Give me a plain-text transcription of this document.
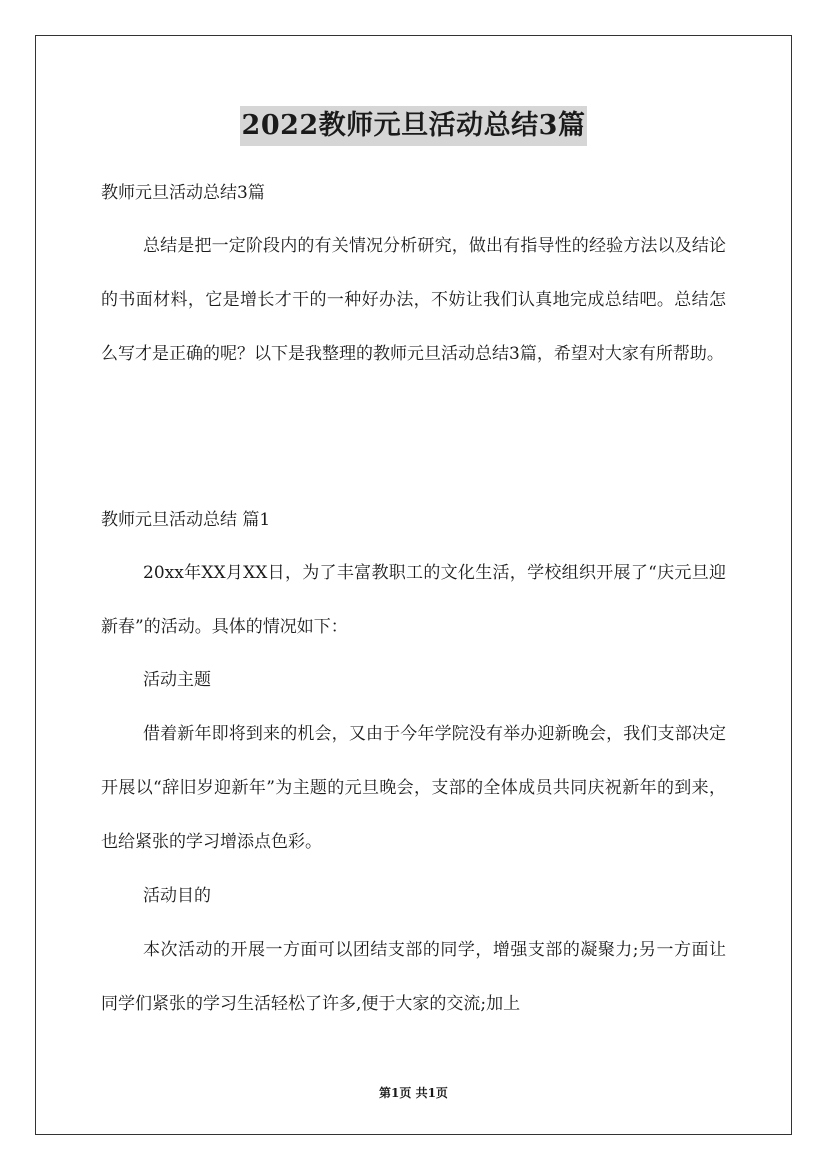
2022教师元旦活动总结3篇

教师元旦活动总结3篇

总结是把一定阶段内的有关情况分析研究，做出有指导性的经验方法以及结论的书面材料，它是增长才干的一种好办法，不妨让我们认真地完成总结吧。总结怎么写才是正确的呢？以下是我整理的教师元旦活动总结3篇，希望对大家有所帮助。

教师元旦活动总结 篇1

20xx年XX月XX日，为了丰富教职工的文化生活，学校组织开展了“庆元旦迎新春”的活动。具体的情况如下：

活动主题

借着新年即将到来的机会，又由于今年学院没有举办迎新晚会，我们支部决定开展以“辞旧岁迎新年”为主题的元旦晚会，支部的全体成员共同庆祝新年的到来，也给紧张的学习增添点色彩。

活动目的

本次活动的开展一方面可以团结支部的同学，增强支部的凝聚力;另一方面让同学们紧张的学习生活轻松了许多,便于大家的交流;加上

第1页 共1页
